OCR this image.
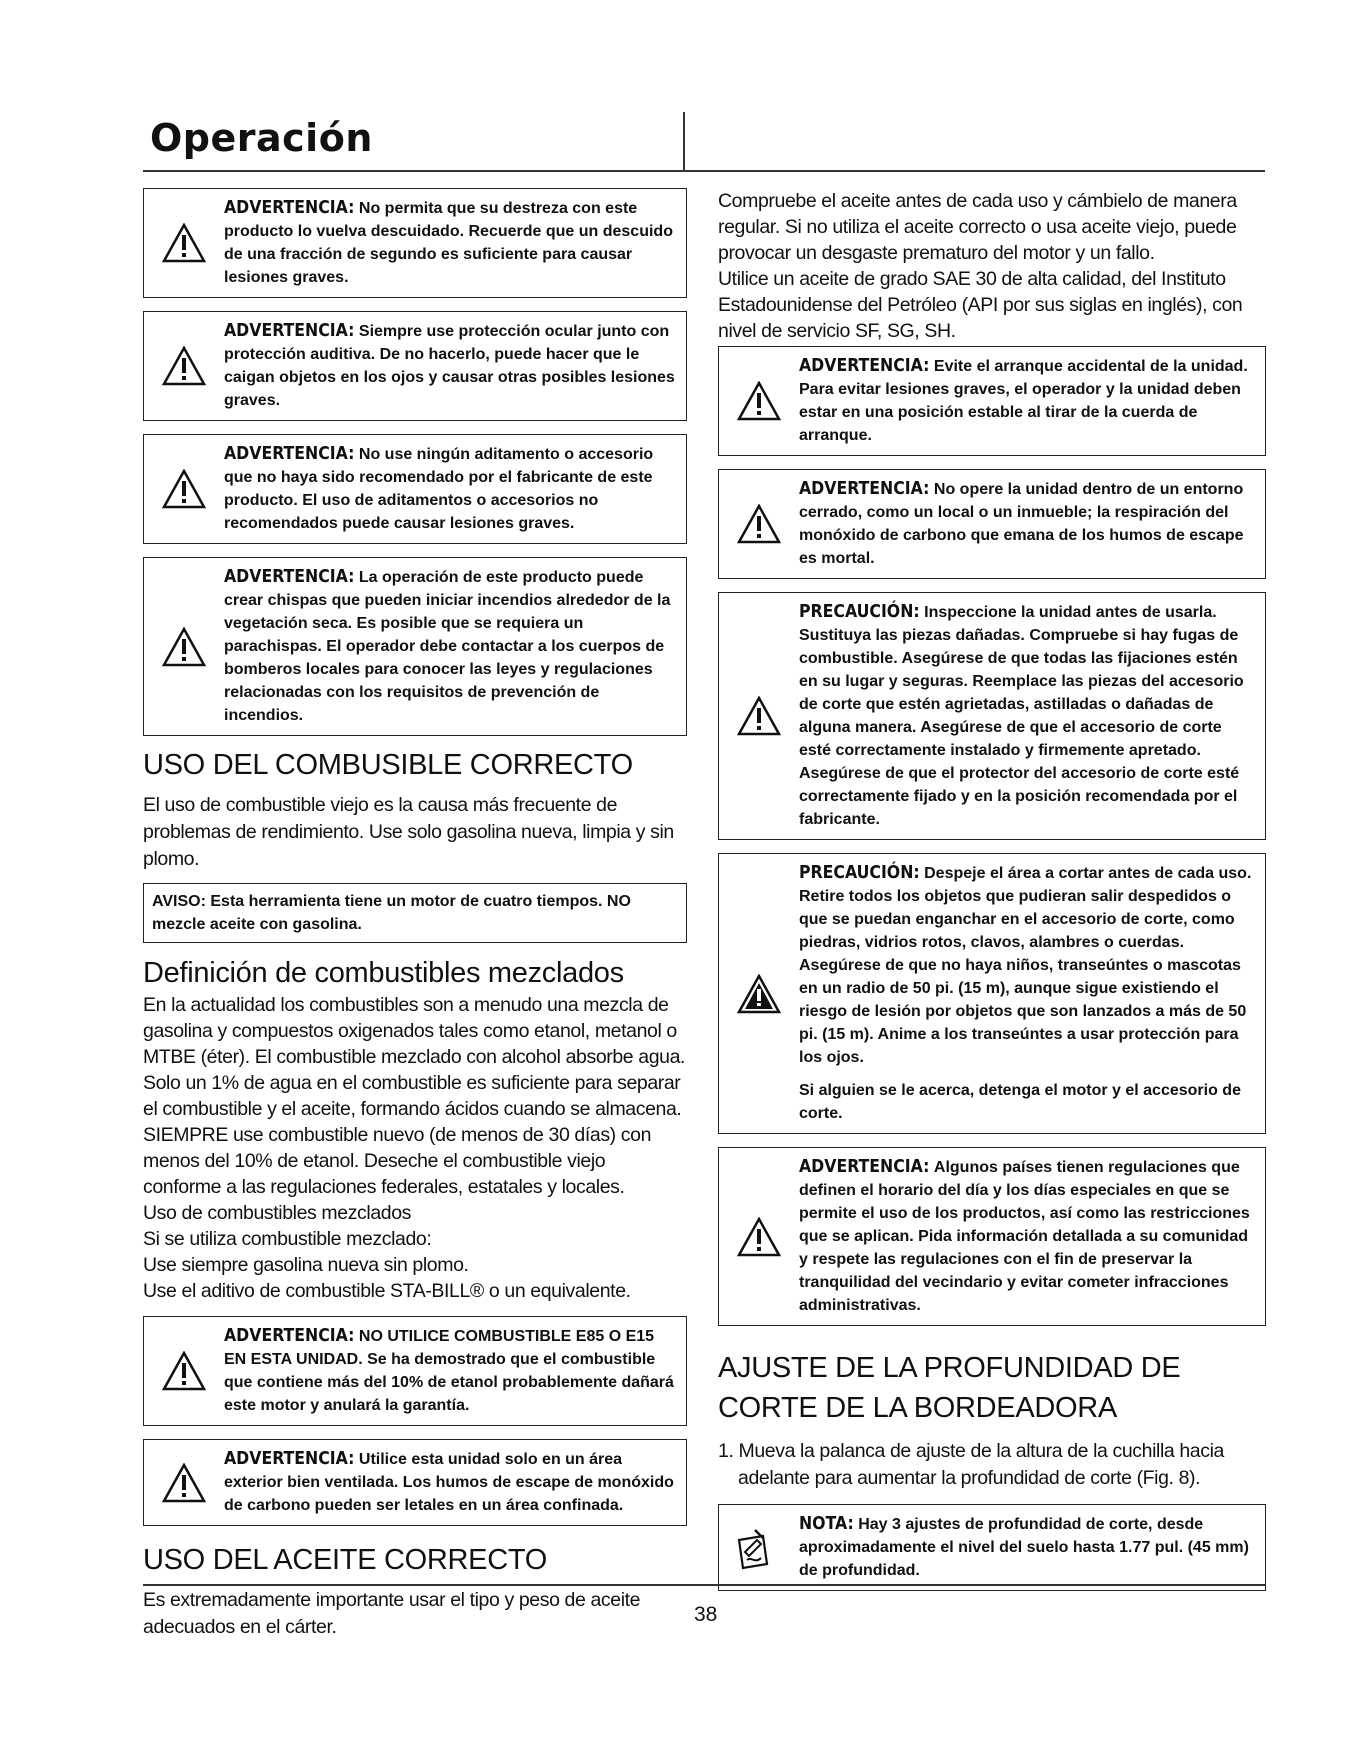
Operación

ADVERTENCIA: No permita que su destreza con este producto lo vuelva descuidado. Recuerde que un descuido de una fracción de segundo es suficiente para causar lesiones graves.

ADVERTENCIA: Siempre use protección ocular junto con protección auditiva. De no hacerlo, puede hacer que le caigan objetos en los ojos y causar otras posibles lesiones graves.

ADVERTENCIA: No use ningún aditamento o accesorio que no haya sido recomendado por el fabricante de este producto. El uso de aditamentos o accesorios no recomendados puede causar lesiones graves.

ADVERTENCIA: La operación de este producto puede crear chispas que pueden iniciar incendios alrededor de la vegetación seca. Es posible que se requiera un parachispas. El operador debe contactar a los cuerpos de bomberos locales para conocer las leyes y regulaciones relacionadas con los requisitos de prevención de incendios.

USO DEL COMBUSIBLE CORRECTO

El uso de combustible viejo es la causa más frecuente de problemas de rendimiento. Use solo gasolina nueva, limpia y sin plomo.

AVISO: Esta herramienta tiene un motor de cuatro tiempos. NO mezcle aceite con gasolina.
Definición de combustibles mezclados

En la actualidad los combustibles son a menudo una mezcla de gasolina y compuestos oxigenados tales como etanol, metanol o MTBE (éter). El combustible mezclado con alcohol absorbe agua. Solo un 1% de agua en el combustible es suficiente para separar el combustible y el aceite, formando ácidos cuando se almacena. SIEMPRE use combustible nuevo (de menos de 30 días) con menos del 10% de etanol. Deseche el combustible viejo conforme a las regulaciones federales, estatales y locales.

Uso de combustibles mezclados

Si se utiliza combustible mezclado:

Use siempre gasolina nueva sin plomo.

Use el aditivo de combustible STA-BILL® o un equivalente.

ADVERTENCIA: NO UTILICE COMBUSTIBLE E85 O E15 EN ESTA UNIDAD. Se ha demostrado que el combustible que contiene más del 10% de etanol probablemente dañará este motor y anulará la garantía.

ADVERTENCIA: Utilice esta unidad solo en un área exterior bien ventilada. Los humos de escape de monóxido de carbono pueden ser letales en un área confinada.

USO DEL ACEITE CORRECTO

Es extremadamente importante usar el tipo y peso de aceite adecuados en el cárter.

Compruebe el aceite antes de cada uso y cámbielo de manera regular. Si no utiliza el aceite correcto o usa aceite viejo, puede provocar un desgaste prematuro del motor y un fallo.

Utilice un aceite de grado SAE 30 de alta calidad, del Instituto Estadounidense del Petróleo (API por sus siglas en inglés), con nivel de servicio SF, SG, SH.

ADVERTENCIA: Evite el arranque accidental de la unidad. Para evitar lesiones graves, el operador y la unidad deben estar en una posición estable al tirar de la cuerda de arranque.

ADVERTENCIA: No opere la unidad dentro de un entorno cerrado, como un local o un inmueble; la respiración del monóxido de carbono que emana de los humos de escape es mortal.

PRECAUCIÓN: Inspeccione la unidad antes de usarla. Sustituya las piezas dañadas. Compruebe si hay fugas de combustible. Asegúrese de que todas las fijaciones estén en su lugar y seguras. Reemplace las piezas del accesorio de corte que estén agrietadas, astilladas o dañadas de alguna manera. Asegúrese de que el accesorio de corte esté correctamente instalado y firmemente apretado. Asegúrese de que el protector del accesorio de corte esté correctamente fijado y en la posición recomendada por el fabricante.

PRECAUCIÓN: Despeje el área a cortar antes de cada uso. Retire todos los objetos que pudieran salir despedidos o que se puedan enganchar en el accesorio de corte, como piedras, vidrios rotos, clavos, alambres o cuerdas. Asegúrese de que no haya niños, transeúntes o mascotas en un radio de 50 pi. (15 m), aunque sigue existiendo el riesgo de lesión por objetos que son lanzados a más de 50 pi. (15 m). Anime a los transeúntes a usar protección para los ojos.

Si alguien se le acerca, detenga el motor y el accesorio de corte.

ADVERTENCIA: Algunos países tienen regulaciones que definen el horario del día y los días especiales en que se permite el uso de los productos, así como las restricciones que se aplican. Pida información detallada a su comunidad y respete las regulaciones con el fin de preservar la tranquilidad del vecindario y evitar cometer infracciones administrativas.

AJUSTE DE LA PROFUNDIDAD DE CORTE DE LA BORDEADORA

1. Mueva la palanca de ajuste de la altura de la cuchilla hacia adelante para aumentar la profundidad de corte (Fig. 8).

NOTA: Hay 3 ajustes de profundidad de corte, desde aproximadamente el nivel del suelo hasta 1.77 pul. (45 mm) de profundidad.

38
